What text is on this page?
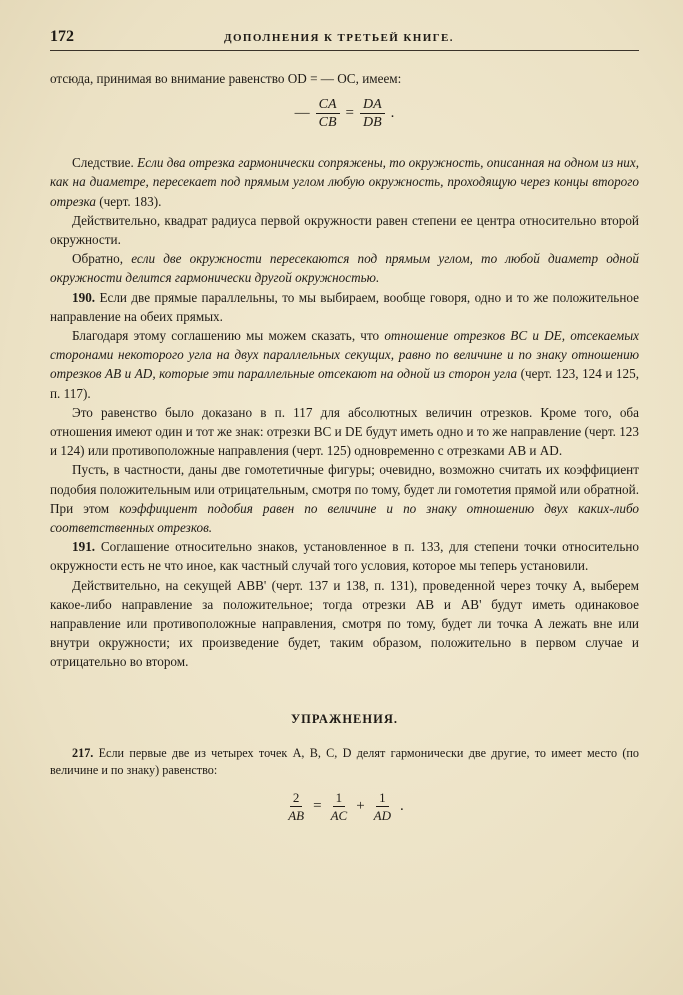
172	ДОПОЛНЕНИЯ К ТРЕТЬЕЙ КНИГЕ.

отсюда, принимая во внимание равенство OD = — OC, имеем:

— $\frac{CA}{CB} = \frac{DA}{DB}$ .

Следствие. Если два отрезка гармонически сопряжены, то окружность, описанная на одном из них, как на диаметре, пересекает под прямым углом любую окружность, проходящую через концы второго отрезка (черт. 183).

Действительно, квадрат радиуса первой окружности равен степени ее центра относительно второй окружности.

Обратно, если две окружности пересекаются под прямым углом, то любой диаметр одной окружности делится гармонически другой окружностью.

190. Если две прямые параллельны, то мы выбираем, вообще говоря, одно и то же положительное направление на обеих прямых.

Благодаря этому соглашению мы можем сказать, что отношение отрезков BC и DE, отсекаемых сторонами некоторого угла на двух параллельных секущих, равно по величине и по знаку отношению отрезков AB и AD, которые эти параллельные отсекают на одной из сторон угла (черт. 123, 124 и 125, п. 117).

Это равенство было доказано в п. 117 для абсолютных величин отрезков. Кроме того, оба отношения имеют один и тот же знак: отрезки BC и DE будут иметь одно и то же направление (черт. 123 и 124) или противоположные направления (черт. 125) одновременно с отрезками AB и AD.

Пусть, в частности, даны две гомотетичные фигуры; очевидно, возможно считать их коэффициент подобия положительным или отрицательным, смотря по тому, будет ли гомотетия прямой или обратной. При этом коэффициент подобия равен по величине и по знаку отношению двух каких-либо соответственных отрезков.

191. Соглашение относительно знаков, установленное в п. 133, для степени точки относительно окружности есть не что иное, как частный случай того условия, которое мы теперь установили.

Действительно, на секущей ABB' (черт. 137 и 138, п. 131), проведенной через точку A, выберем какое-либо направление за положительное; тогда отрезки AB и AB' будут иметь одинаковое направление или противоположные направления, смотря по тому, будет ли точка A лежать вне или внутри окружности; их произведение будет, таким образом, положительно в первом случае и отрицательно во втором.

УПРАЖНЕНИЯ.

217. Если первые две из четырех точек A, B, C, D делят гармонически две другие, то имеет место (по величине и по знаку) равенство:

$\frac{2}{AB} = \frac{1}{AC} + \frac{1}{AD}$ .
